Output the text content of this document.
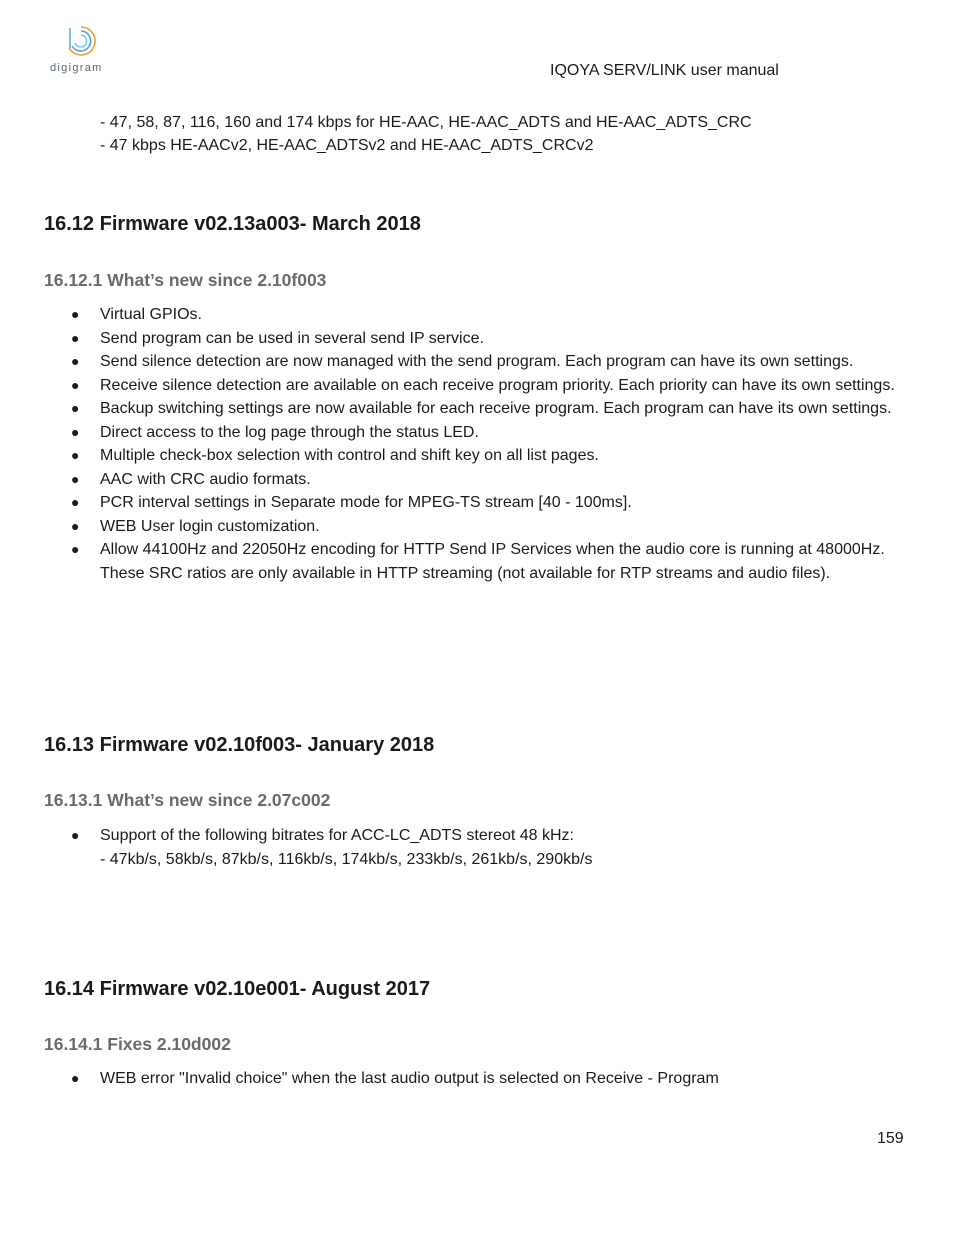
digigram	IQOYA SERV/LINK user manual
- 47, 58, 87, 116, 160 and 174 kbps for HE-AAC, HE-AAC_ADTS and HE-AAC_ADTS_CRC
- 47 kbps HE-AACv2, HE-AAC_ADTSv2 and HE-AAC_ADTS_CRCv2
16.12 Firmware v02.13a003- March 2018
16.12.1 What’s new since 2.10f003
● Virtual GPIOs.
● Send program can be used in several send IP service.
● Send silence detection are now managed with the send program. Each program can have its own settings.
● Receive silence detection are available on each receive program priority. Each priority can have its own settings.
● Backup switching settings are now available for each receive program. Each program can have its own settings.
● Direct access to the log page through the status LED.
● Multiple check-box selection with control and shift key on all list pages.
● AAC with CRC audio formats.
● PCR interval settings in Separate mode for MPEG-TS stream [40 - 100ms].
● WEB User login customization.
● Allow 44100Hz and 22050Hz encoding for HTTP Send IP Services when the audio core is running at 48000Hz. These SRC ratios are only available in HTTP streaming (not available for RTP streams and audio files).
16.13 Firmware v02.10f003- January 2018
16.13.1 What’s new since 2.07c002
● Support of the following bitrates for ACC-LC_ADTS stereot 48 kHz:
- 47kb/s, 58kb/s, 87kb/s, 116kb/s, 174kb/s, 233kb/s, 261kb/s, 290kb/s
16.14 Firmware v02.10e001- August 2017
16.14.1 Fixes 2.10d002
● WEB error "Invalid choice" when the last audio output is selected on Receive - Program
159
